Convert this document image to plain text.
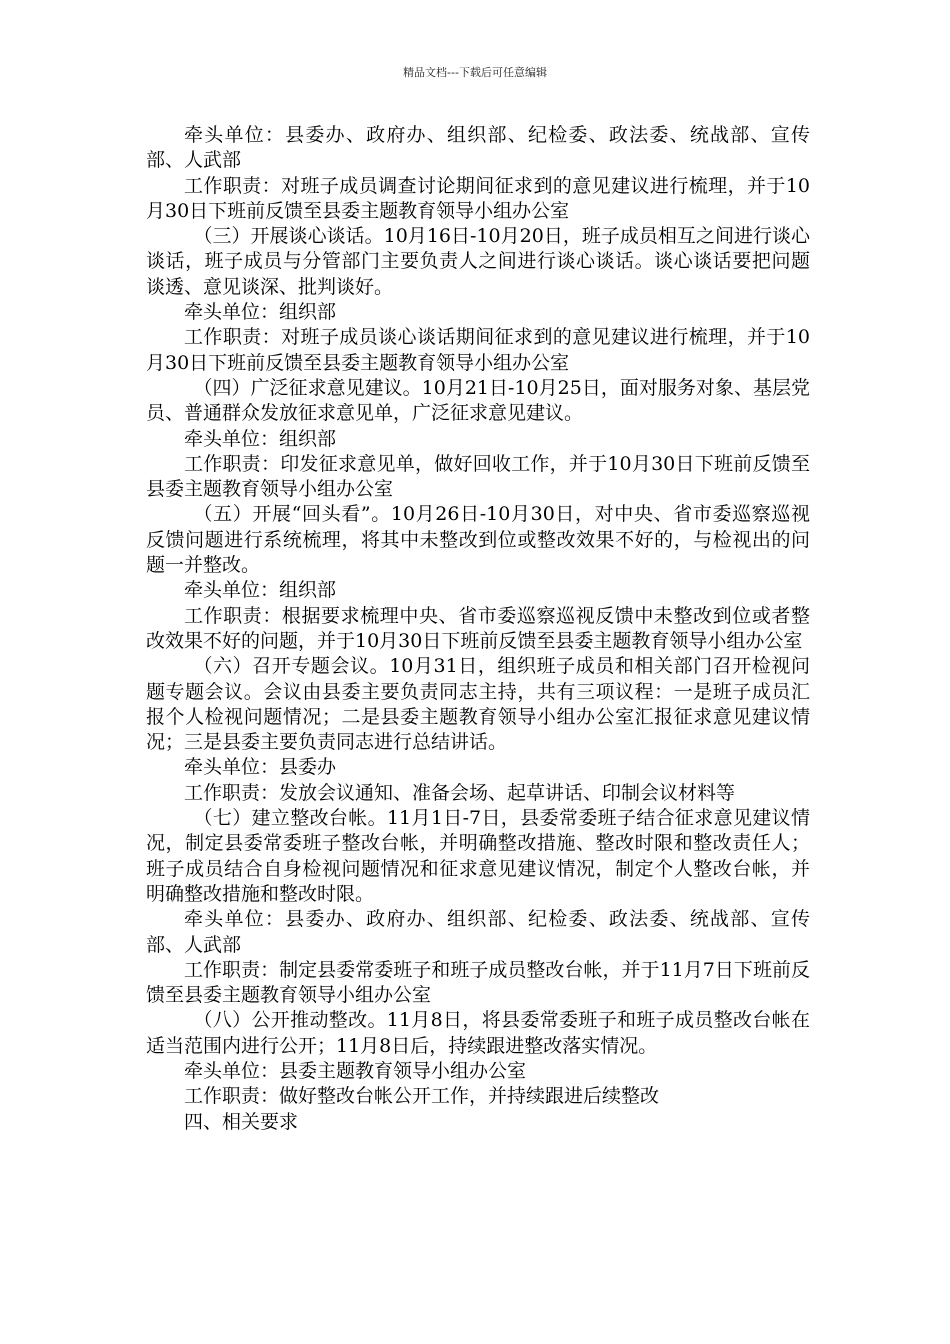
精品文档---下载后可任意编辑

牵头单位：县委办、政府办、组织部、纪检委、政法委、统战部、宣传部、人武部

工作职责：对班子成员调查讨论期间征求到的意见建议进行梳理，并于10月30日下班前反馈至县委主题教育领导小组办公室

（三）开展谈心谈话。10月16日-10月20日，班子成员相互之间进行谈心谈话，班子成员与分管部门主要负责人之间进行谈心谈话。谈心谈话要把问题谈透、意见谈深、批判谈好。

牵头单位：组织部

工作职责：对班子成员谈心谈话期间征求到的意见建议进行梳理，并于10月30日下班前反馈至县委主题教育领导小组办公室

（四）广泛征求意见建议。10月21日-10月25日，面对服务对象、基层党员、普通群众发放征求意见单，广泛征求意见建议。

牵头单位：组织部

工作职责：印发征求意见单，做好回收工作，并于10月30日下班前反馈至县委主题教育领导小组办公室

（五）开展“回头看”。10月26日-10月30日，对中央、省市委巡察巡视反馈问题进行系统梳理，将其中未整改到位或整改效果不好的，与检视出的问题一并整改。

牵头单位：组织部

工作职责：根据要求梳理中央、省市委巡察巡视反馈中未整改到位或者整改效果不好的问题，并于10月30日下班前反馈至县委主题教育领导小组办公室

（六）召开专题会议。10月31日，组织班子成员和相关部门召开检视问题专题会议。会议由县委主要负责同志主持，共有三项议程：一是班子成员汇报个人检视问题情况；二是县委主题教育领导小组办公室汇报征求意见建议情况；三是县委主要负责同志进行总结讲话。

牵头单位：县委办

工作职责：发放会议通知、准备会场、起草讲话、印制会议材料等

（七）建立整改台帐。11月1日-7日，县委常委班子结合征求意见建议情况，制定县委常委班子整改台帐，并明确整改措施、整改时限和整改责任人；班子成员结合自身检视问题情况和征求意见建议情况，制定个人整改台帐，并明确整改措施和整改时限。

牵头单位：县委办、政府办、组织部、纪检委、政法委、统战部、宣传部、人武部

工作职责：制定县委常委班子和班子成员整改台帐，并于11月7日下班前反馈至县委主题教育领导小组办公室

（八）公开推动整改。11月8日，将县委常委班子和班子成员整改台帐在适当范围内进行公开；11月8日后，持续跟进整改落实情况。

牵头单位：县委主题教育领导小组办公室

工作职责：做好整改台帐公开工作，并持续跟进后续整改

四、相关要求
